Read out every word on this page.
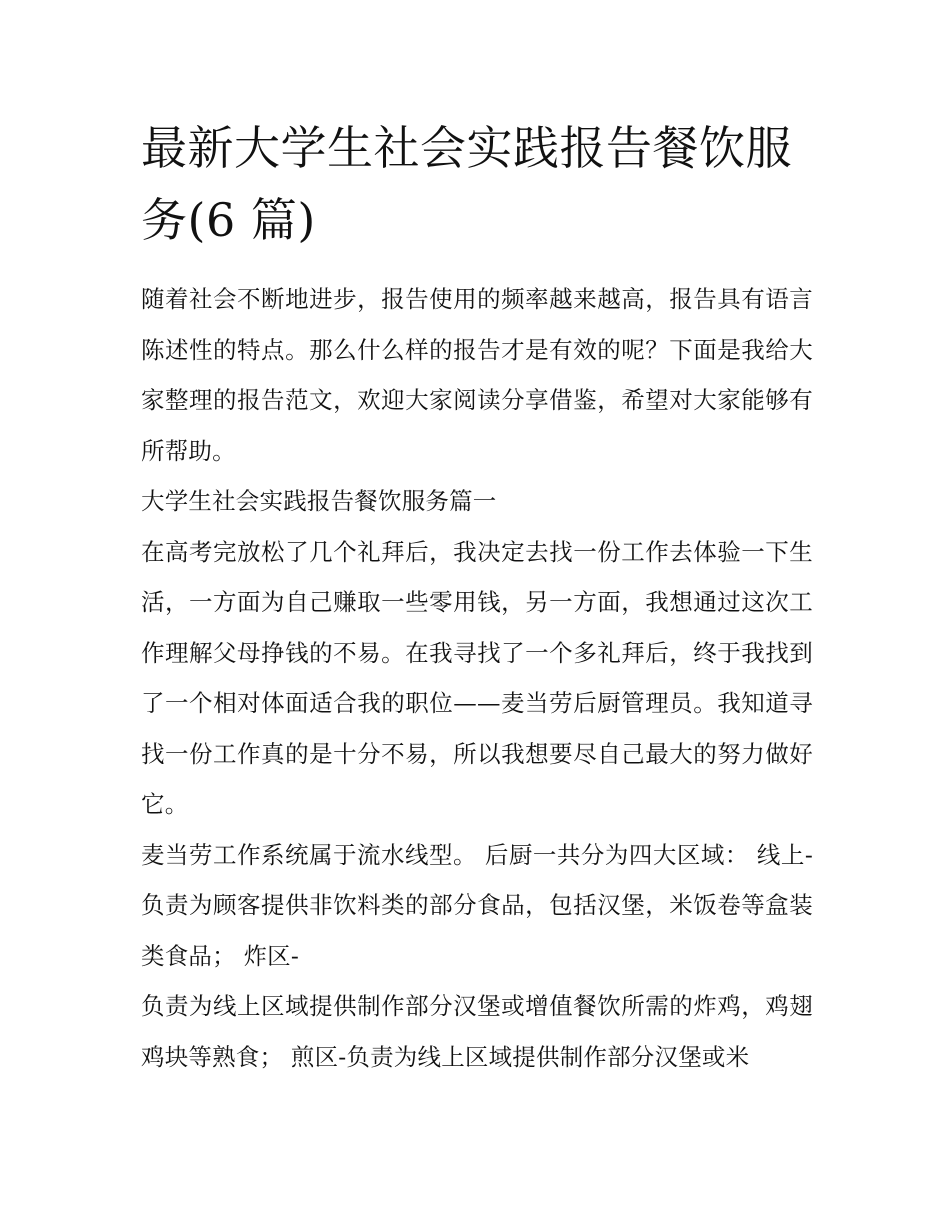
最新大学生社会实践报告餐饮服务(6 篇)

随着社会不断地进步，报告使用的频率越来越高，报告具有语言陈述性的特点。那么什么样的报告才是有效的呢？下面是我给大家整理的报告范文，欢迎大家阅读分享借鉴，希望对大家能够有所帮助。

大学生社会实践报告餐饮服务篇一

在高考完放松了几个礼拜后，我决定去找一份工作去体验一下生活，一方面为自己赚取一些零用钱，另一方面，我想通过这次工作理解父母挣钱的不易。在我寻找了一个多礼拜后，终于我找到了一个相对体面适合我的职位——麦当劳后厨管理员。我知道寻找一份工作真的是十分不易，所以我想要尽自己最大的努力做好它。

麦当劳工作系统属于流水线型。 后厨一共分为四大区域： 线上-负责为顾客提供非饮料类的部分食品，包括汉堡，米饭卷等盒装类食品； 炸区-

负责为线上区域提供制作部分汉堡或增值餐饮所需的炸鸡，鸡翅鸡块等熟食； 煎区-负责为线上区域提供制作部分汉堡或米
